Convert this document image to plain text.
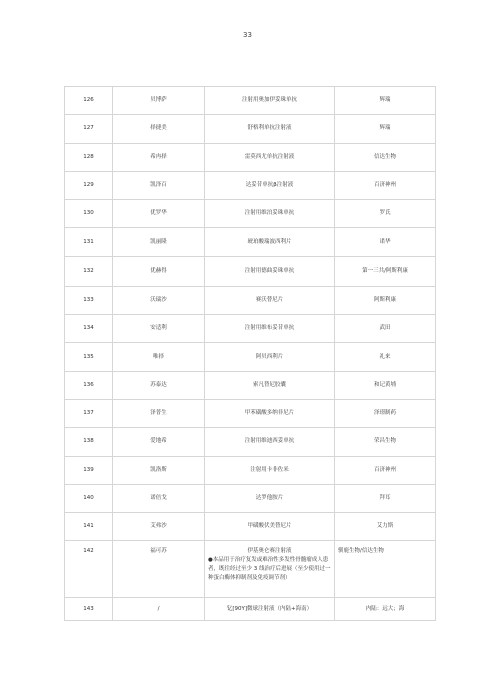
33
126	贝博萨	注射用奥加伊妥珠单抗	辉瑞
127	择捷美	舒格利单抗注射液	辉瑞
128	希冉择	雷莫西尤单抗注射液	信达生物
129	凯泽百	达妥昔单抗β注射液	百济神州
130	优罗华	注射用维泊妥珠单抗	罗氏
131	凯丽隆	琥珀酸瑞波西利片	诺华
132	优赫得	注射用德曲妥珠单抗	第一三共/阿斯利康
133	沃瑞沙	赛沃替尼片	阿斯利康
134	安适利	注射用维布妥昔单抗	武田
135	唯择	阿贝西利片	礼来
136	苏泰达	索凡替尼胶囊	和记黄埔
137	泽普生	甲苯磺酸多纳非尼片	泽璟制药
138	爱地希	注射用维迪西妥单抗	荣昌生物
139	凯洛斯	注射用卡非佐米	百济神州
140	诺倍戈	达罗他胺片	拜耳
141	艾弗沙	甲磺酸伏美替尼片	艾力斯
142	福可苏	伊基奥仑赛注射液
●本品用于治疗复发或难治性多发性骨髓瘤成人患者，既往经过至少 3 线治疗后进展（至少使用过一种蛋白酶体抑制剂及免疫调节剂）	驯鹿生物/信达生物
143	/	钇[90Y]微球注射液（内陆+海南）	内陆：远大；海
